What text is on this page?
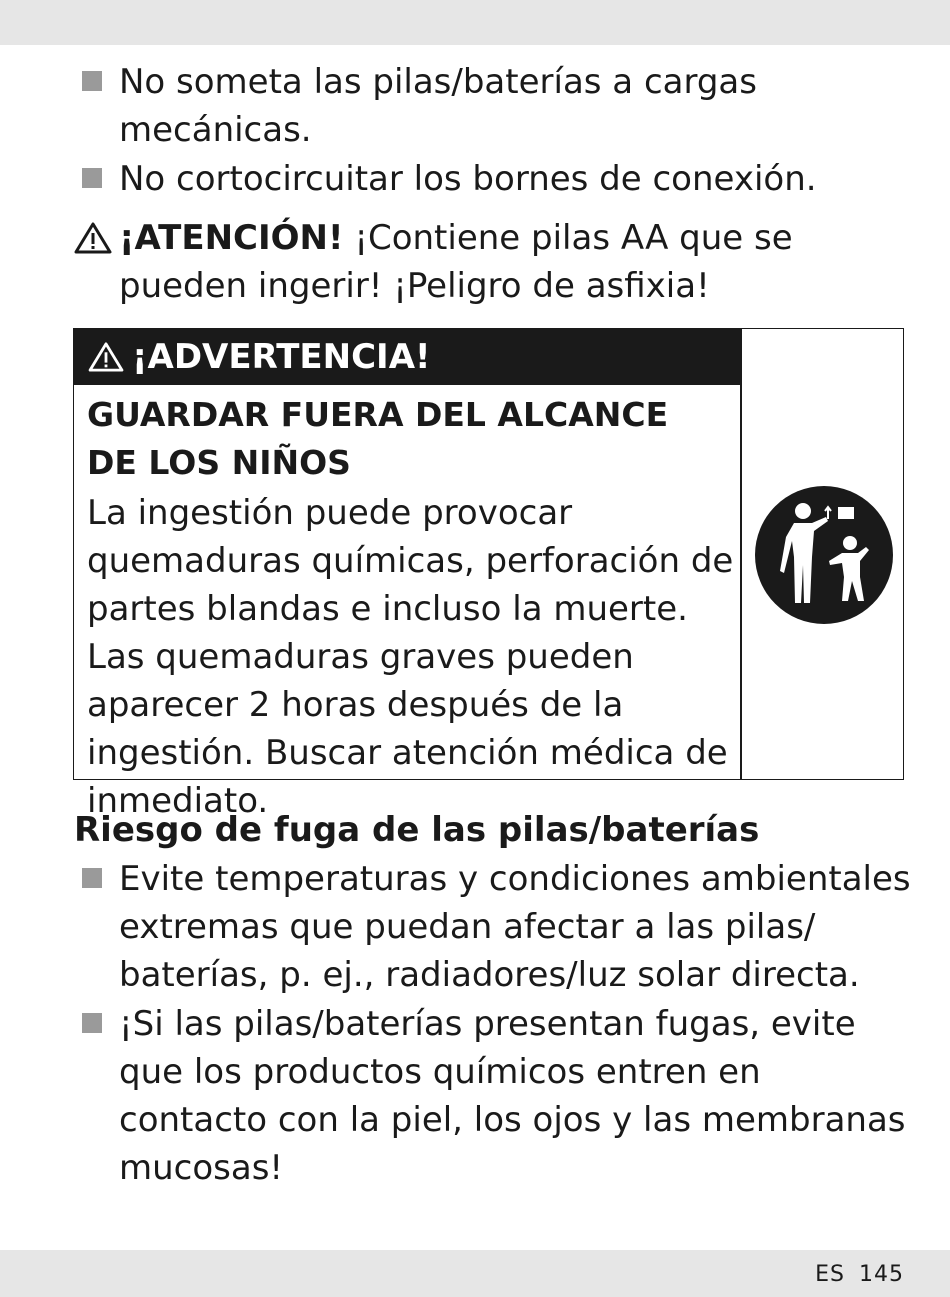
No someta las pilas/baterías a cargas mecánicas.
No cortocircuitar los bornes de conexión.
¡ATENCIÓN! ¡Contiene pilas AA que se pueden ingerir! ¡Peligro de asfixia!
¡ADVERTENCIA!
GUARDAR FUERA DEL ALCANCE DE LOS NIÑOS
La ingestión puede provocar quemaduras químicas, perforación de partes blandas e incluso la muerte. Las quemaduras graves pueden aparecer 2 horas después de la ingestión. Buscar atención médica de inmediato.
Riesgo de fuga de las pilas/baterías
Evite temperaturas y condiciones ambientales extremas que puedan afectar a las pilas/ baterías, p. ej., radiadores/luz solar directa.
¡Si las pilas/baterías presentan fugas, evite que los productos químicos entren en contacto con la piel, los ojos y las membranas mucosas!
ES 145
